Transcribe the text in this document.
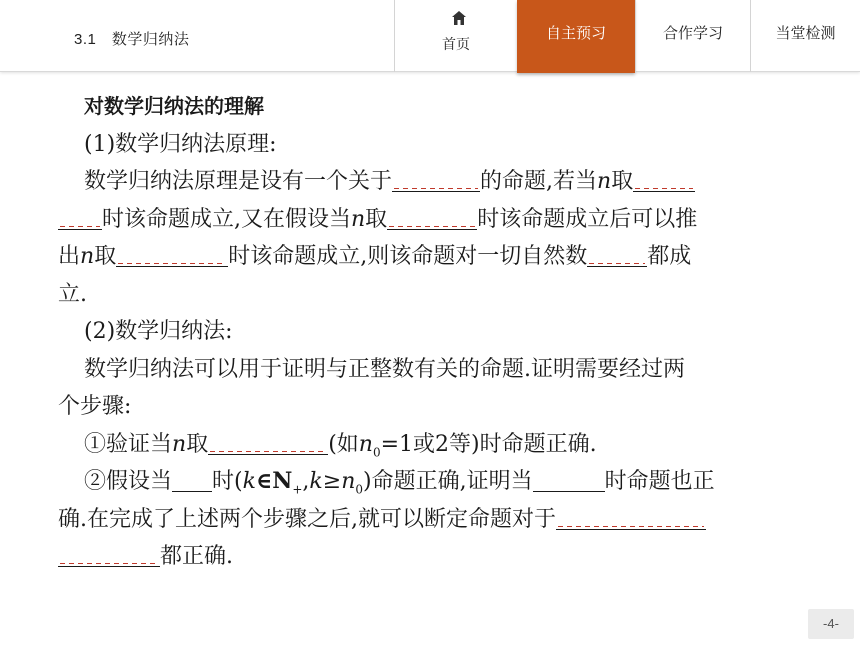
3.1　数学归纳法	首页
自主预习	合作学习	当堂检测
对数学归纳法的理解
(1)数学归纳法原理:
数学归纳法原理是设有一个关于	的命题,若当n取
时该命题成立,又在假设当n取	时该命题成立后可以推
出n取	时该命题成立,则该命题对一切自然数	都成
立.
(2)数学归纳法:
数学归纳法可以用于证明与正整数有关的命题.证明需要经过两
个步骤:
①验证当n取	(如$n_0=1$或2等)时命题正确.
②假设当 时$(k\in N_+,k\ge n_0)$命题正确,证明当	时命题也正
确.在完成了上述两个步骤之后,就可以断定命题对于
都正确.
-4-
